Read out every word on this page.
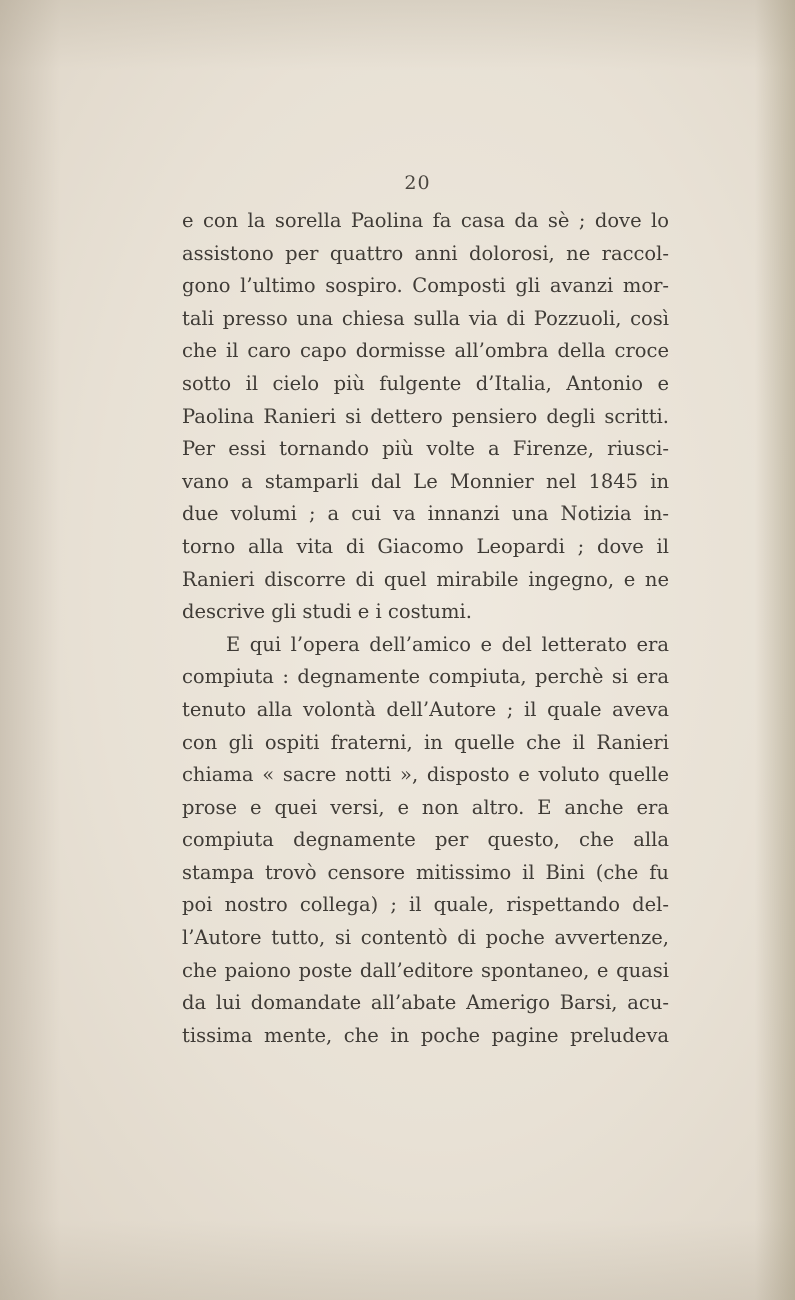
20
e con la sorella Paolina fa casa da sè ; dove lo
assistono per quattro anni dolorosi, ne raccol-
gono l’ultimo sospiro. Composti gli avanzi mor-
tali presso una chiesa sulla via di Pozzuoli, così
che il caro capo dormisse all’ombra della croce
sotto il cielo più fulgente d’Italia, Antonio e
Paolina Ranieri si dettero pensiero degli scritti.
Per essi tornando più volte a Firenze, riusci-
vano a stamparli dal Le Monnier nel 1845 in
due volumi ; a cui va innanzi una Notizia in-
torno alla vita di Giacomo Leopardi ; dove il
Ranieri discorre di quel mirabile ingegno, e ne
descrive gli studi e i costumi.
E qui l’opera dell’amico e del letterato era
compiuta : degnamente compiuta, perchè si era
tenuto alla volontà dell’Autore ; il quale aveva
con gli ospiti fraterni, in quelle che il Ranieri
chiama « sacre notti », disposto e voluto quelle
prose e quei versi, e non altro. E anche era
compiuta degnamente per questo, che alla
stampa trovò censore mitissimo il Bini (che fu
poi nostro collega) ; il quale, rispettando del-
l’Autore tutto, si contentò di poche avvertenze,
che paiono poste dall’editore spontaneo, e quasi
da lui domandate all’abate Amerigo Barsi, acu-
tissima mente, che in poche pagine preludeva
